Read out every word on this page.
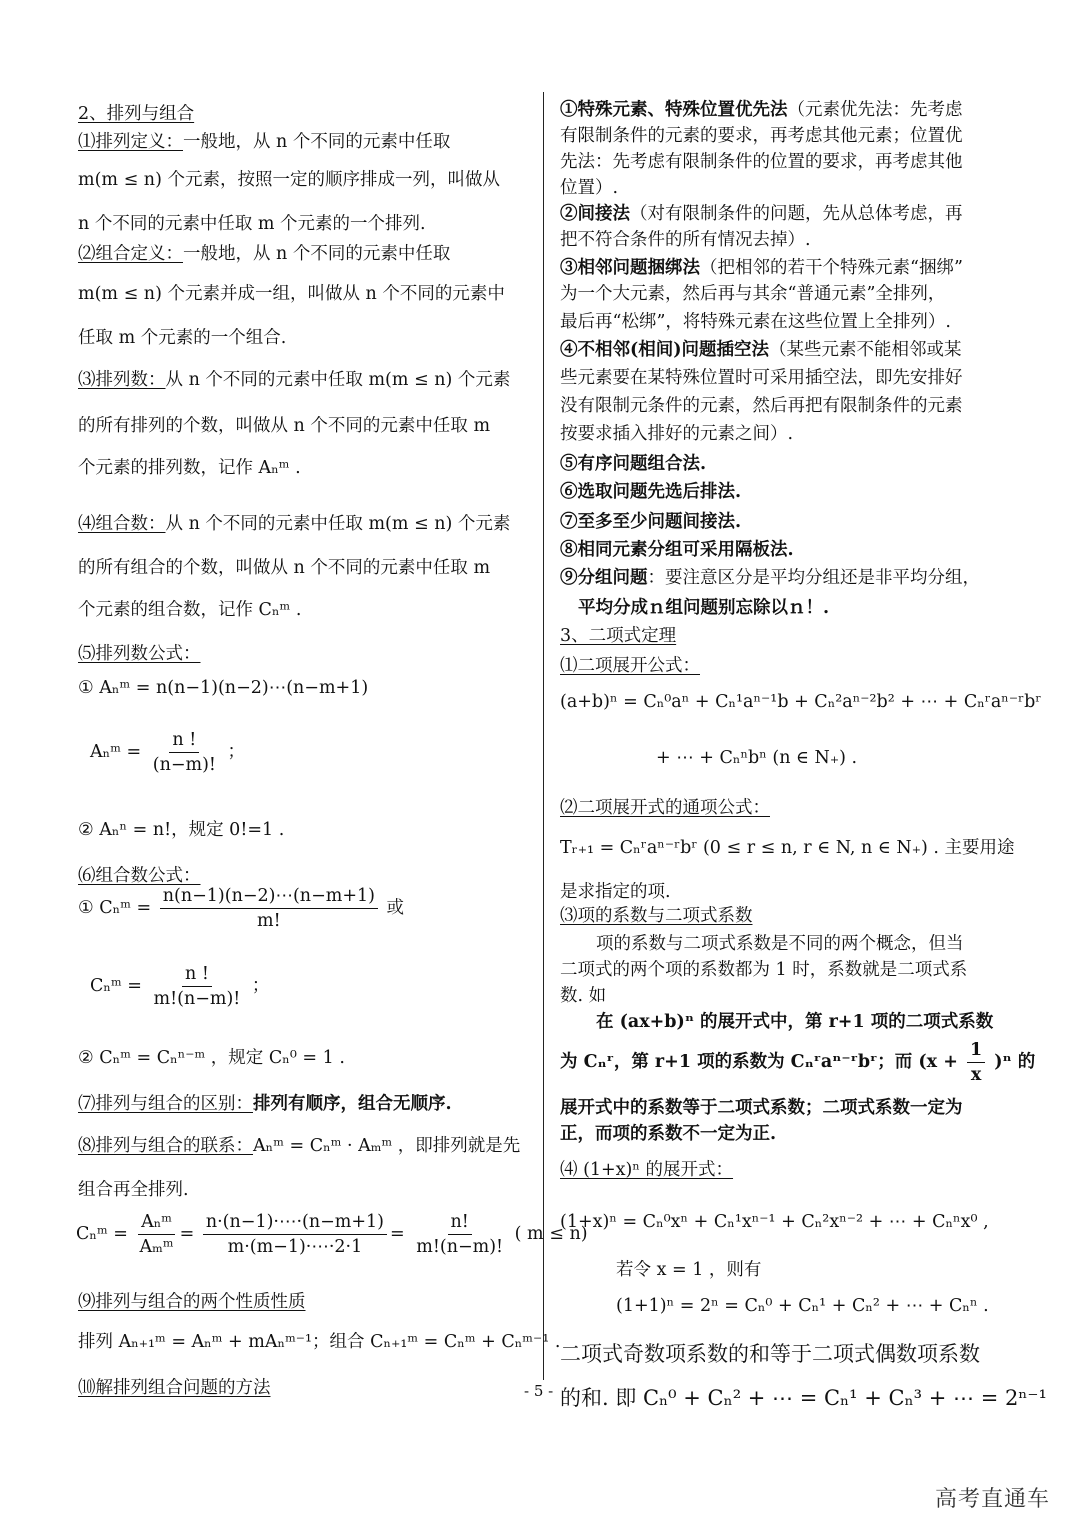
2、排列与组合
⑴排列定义：一般地，从 n 个不同的元素中任取
m(m ≤ n) 个元素，按照一定的顺序排成一列，叫做从
n 个不同的元素中任取 m 个元素的一个排列.
⑵组合定义：一般地，从 n 个不同的元素中任取
m(m ≤ n) 个元素并成一组，叫做从 n 个不同的元素中
任取 m 个元素的一个组合.
⑶排列数：从 n 个不同的元素中任取 m(m ≤ n) 个元素
的所有排列的个数，叫做从 n 个不同的元素中任取 m
个元素的排列数，记作 Aₙᵐ .
⑷组合数：从 n 个不同的元素中任取 m(m ≤ n) 个元素
的所有组合的个数，叫做从 n 个不同的元素中任取 m
个元素的组合数，记作 Cₙᵐ .
⑸排列数公式：
① Aₙᵐ = n(n−1)(n−2)⋯(n−m+1)
Aₙᵐ = $\frac{n !}{(n-m)!}$ ；
② Aₙⁿ = n!，规定 0!=1 .
⑹组合数公式：
① Cₙᵐ = $\frac{n(n-1)(n-2)\cdots(n-m+1)}{m!}$ 或
Cₙᵐ = $\frac{n !}{m!(n-m)!}$ ；
② Cₙᵐ = Cₙⁿ⁻ᵐ ，规定 Cₙ⁰ = 1 .
⑺排列与组合的区别：排列有顺序，组合无顺序.
⑻排列与组合的联系：Aₙᵐ = Cₙᵐ · Aₘᵐ ，即排列就是先
组合再全排列.
Cₙᵐ =
Aₙᵐ
Aₘᵐ
= $\frac{n\cdot(n-1)\cdot\cdots\cdot(n-m+1)}{m\cdot(m-1)\cdot\cdots\cdot 2\cdot 1} = \frac{n!}{m!(n-m)!}$ ( m ≤ n)
⑼排列与组合的两个性质性质
排列 Aₙ₊₁ᵐ = Aₙᵐ + mAₙᵐ⁻¹；组合 Cₙ₊₁ᵐ = Cₙᵐ + Cₙᵐ⁻¹ .
⑽解排列组合问题的方法
①特殊元素、特殊位置优先法（元素优先法：先考虑
有限制条件的元素的要求，再考虑其他元素；位置优
先法：先考虑有限制条件的位置的要求，再考虑其他
位置）.
②间接法（对有限制条件的问题，先从总体考虑，再
把不符合条件的所有情况去掉）.
③相邻问题捆绑法（把相邻的若干个特殊元素“捆绑”
为一个大元素，然后再与其余“普通元素”全排列，
最后再“松绑”，将特殊元素在这些位置上全排列）.
④不相邻(相间)问题插空法（某些元素不能相邻或某
些元素要在某特殊位置时可采用插空法，即先安排好
没有限制元条件的元素，然后再把有限制条件的元素
按要求插入排好的元素之间）.
⑤有序问题组合法.
⑥选取问题先选后排法.
⑦至多至少问题间接法.
⑧相同元素分组可采用隔板法.
⑨分组问题：要注意区分是平均分组还是非平均分组，
平均分成ｎ组问题别忘除以ｎ！.
3、二项式定理
⑴二项展开公式：
(a+b)ⁿ = Cₙ⁰aⁿ + Cₙ¹aⁿ⁻¹b + Cₙ²aⁿ⁻²b² + ⋯ + Cₙʳaⁿ⁻ʳbʳ
+ ⋯ + Cₙⁿbⁿ (n ∈ N₊) .
⑵二项展开式的通项公式：
Tᵣ₊₁ = Cₙʳaⁿ⁻ʳbʳ (0 ≤ r ≤ n, r ∈ N, n ∈ N₊) . 主要用途
是求指定的项.
⑶项的系数与二项式系数
项的系数与二项式系数是不同的两个概念，但当
二项式的两个项的系数都为 1 时，系数就是二项式系
数. 如
在 (ax+b)ⁿ 的展开式中，第 r+1 项的二项式系数
为 Cₙʳ，第 r+1 项的系数为 Cₙʳaⁿ⁻ʳbʳ；而 $(x + \frac{1}{x} )^n$ 的
展开式中的系数等于二项式系数；二项式系数一定为
正，而项的系数不一定为正.
⑷ (1+x)ⁿ 的展开式：
(1+x)ⁿ = Cₙ⁰xⁿ + Cₙ¹xⁿ⁻¹ + Cₙ²xⁿ⁻² + ⋯ + Cₙⁿx⁰ ,
若令 x = 1 ，则有
(1+1)ⁿ = 2ⁿ = Cₙ⁰ + Cₙ¹ + Cₙ² + ⋯ + Cₙⁿ .
二项式奇数项系数的和等于二项式偶数项系数
的和. 即 Cₙ⁰ + Cₙ² + ⋯ = Cₙ¹ + Cₙ³ + ⋯ = 2ⁿ⁻¹
- 5 -
高考直通车
